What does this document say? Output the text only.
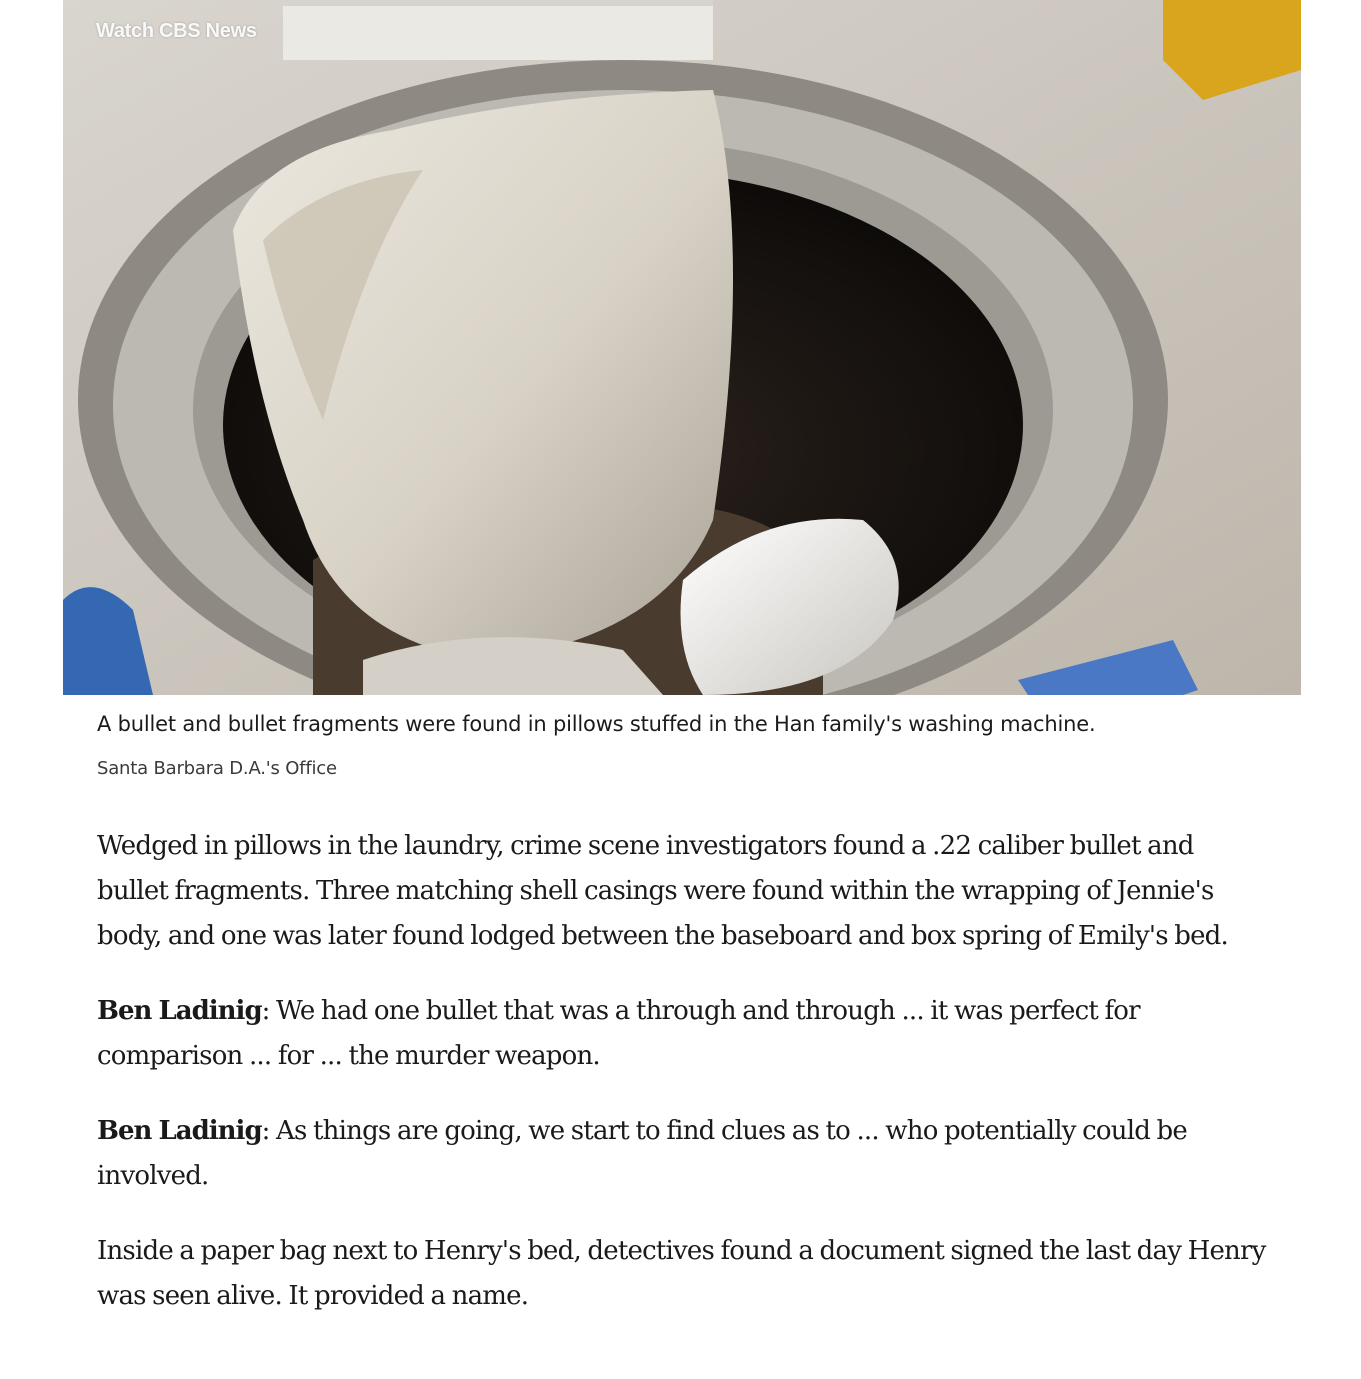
Watch CBS News
A bullet and bullet fragments were found in pillows stuffed in the Han family's washing machine.
Santa Barbara D.A.'s Office

Wedged in pillows in the laundry, crime scene investigators found a .22 caliber bullet and bullet fragments. Three matching shell casings were found within the wrapping of Jennie's body, and one was later found lodged between the baseboard and box spring of Emily's bed.

Ben Ladinig: We had one bullet that was a through and through ... it was perfect for comparison ... for ... the murder weapon.

Ben Ladinig: As things are going, we start to find clues as to ... who potentially could be involved.

Inside a paper bag next to Henry's bed, detectives found a document signed the last day Henry was seen alive. It provided a name.
